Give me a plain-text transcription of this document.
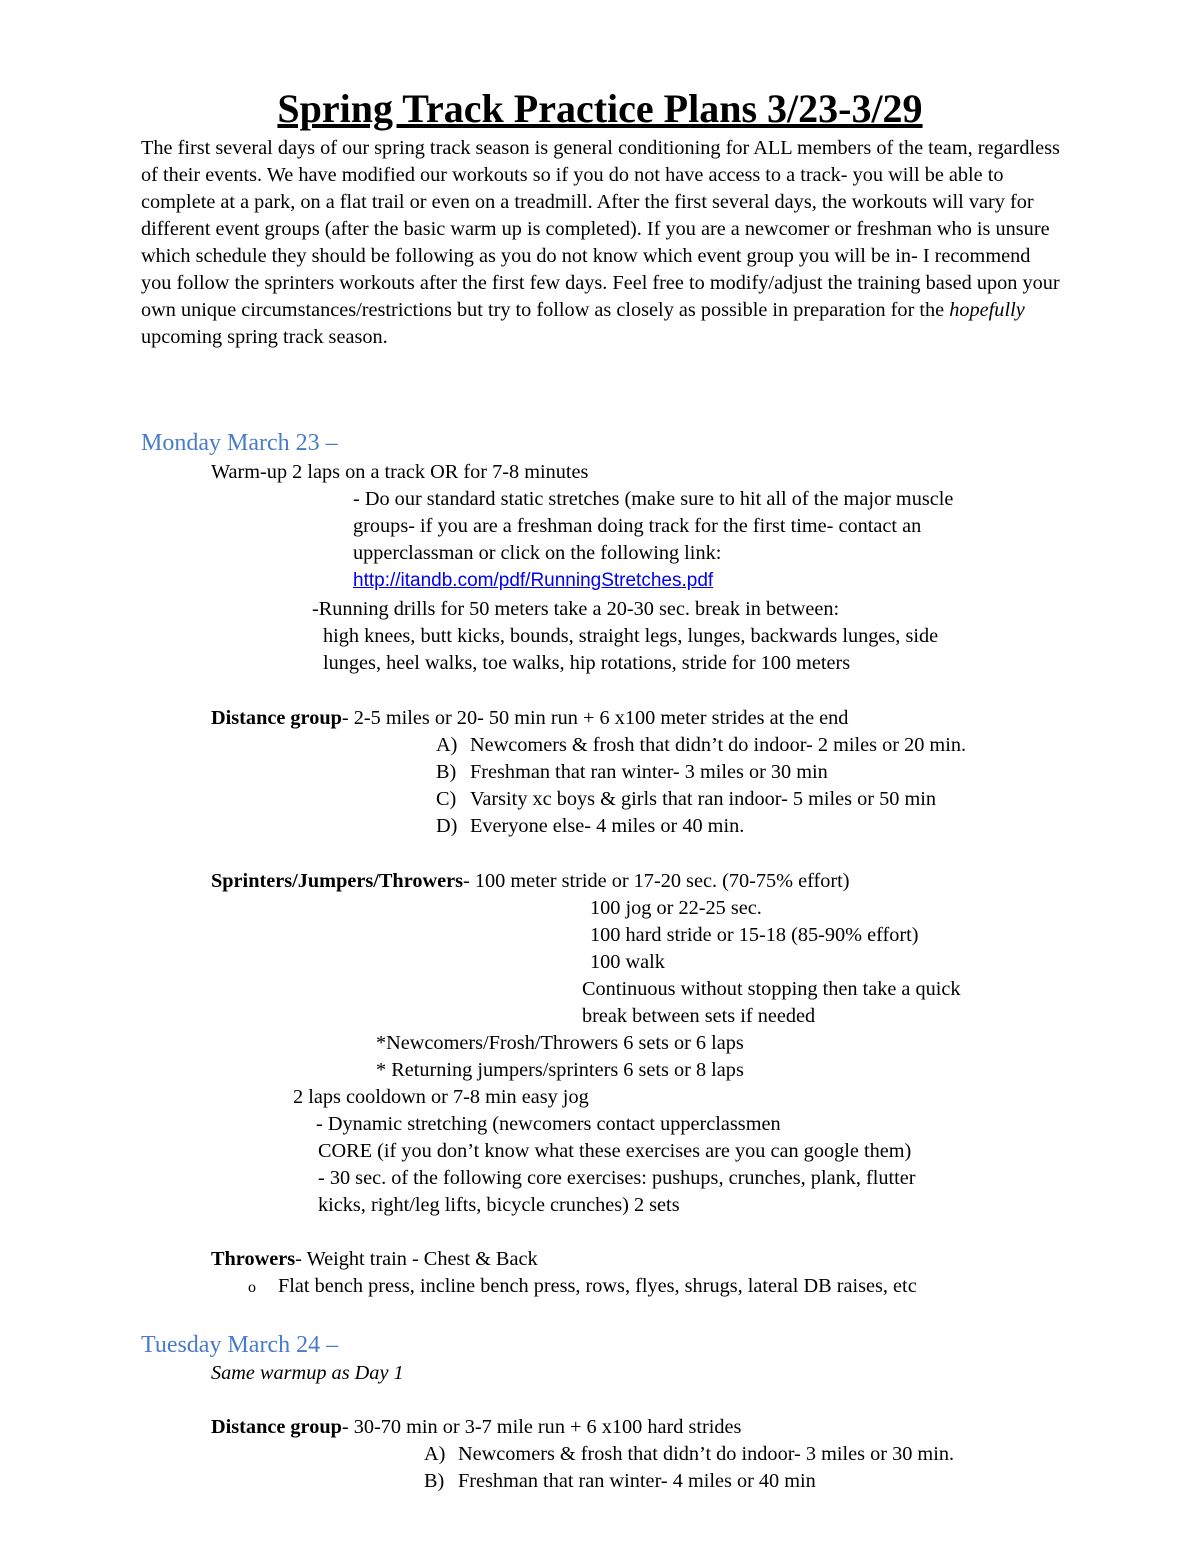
Spring Track Practice Plans 3/23-3/29

The first several days of our spring track season is general conditioning for ALL members of the team, regardless of their events. We have modified our workouts so if you do not have access to a track- you will be able to complete at a park, on a flat trail or even on a treadmill. After the first several days, the workouts will vary for different event groups (after the basic warm up is completed). If you are a newcomer or freshman who is unsure which schedule they should be following as you do not know which event group you will be in- I recommend you follow the sprinters workouts after the first few days. Feel free to modify/adjust the training based upon your own unique circumstances/restrictions but try to follow as closely as possible in preparation for the hopefully upcoming spring track season.

Monday March 23 –

Warm-up 2 laps on a track OR for 7-8 minutes

- Do our standard static stretches (make sure to hit all of the major muscle

groups- if you are a freshman doing track for the first time- contact an

upperclassman or click on the following link:

http://itandb.com/pdf/RunningStretches.pdf

-Running drills for 50 meters take a 20-30 sec. break in between:

high knees, butt kicks, bounds, straight legs, lunges, backwards lunges, side

lunges, heel walks, toe walks, hip rotations, stride for 100 meters

Distance group- 2-5 miles or 20- 50 min run + 6 x100 meter strides at the end

A) Newcomers & frosh that didn’t do indoor- 2 miles or 20 min.

B) Freshman that ran winter- 3 miles or 30 min

C) Varsity xc boys & girls that ran indoor- 5 miles or 50 min

D) Everyone else- 4 miles or 40 min.

Sprinters/Jumpers/Throwers- 100 meter stride or 17-20 sec. (70-75% effort)

100 jog or 22-25 sec.

100 hard stride or 15-18 (85-90% effort)

100 walk

Continuous without stopping then take a quick

break between sets if needed

*Newcomers/Frosh/Throwers 6 sets or 6 laps

* Returning jumpers/sprinters 6 sets or 8 laps

2 laps cooldown or 7-8 min easy jog

- Dynamic stretching (newcomers contact upperclassmen

CORE (if you don’t know what these exercises are you can google them)

- 30 sec. of the following core exercises: pushups, crunches, plank, flutter

kicks, right/leg lifts, bicycle crunches) 2 sets

Throwers- Weight train - Chest & Back

o Flat bench press, incline bench press, rows, flyes, shrugs, lateral DB raises, etc

Tuesday March 24 –

Same warmup as Day 1

Distance group- 30-70 min or 3-7 mile run + 6 x100 hard strides

A) Newcomers & frosh that didn’t do indoor- 3 miles or 30 min.

B) Freshman that ran winter- 4 miles or 40 min
